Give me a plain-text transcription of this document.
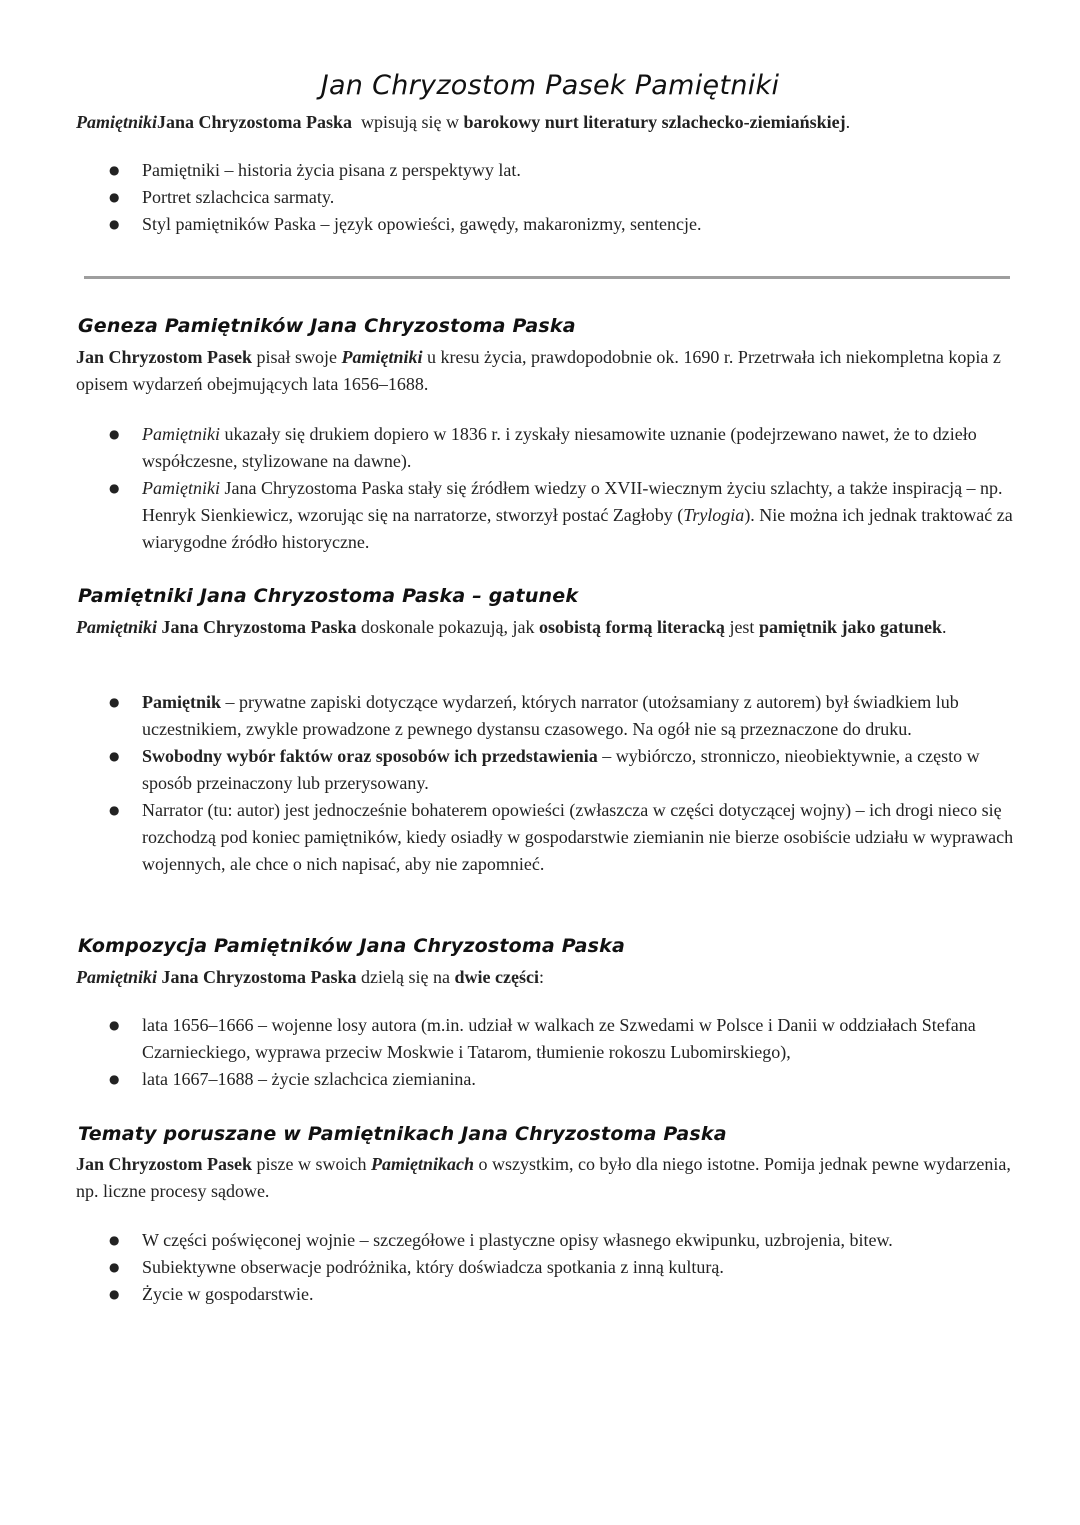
Jan Chryzostom Pasek Pamiętniki

PamiętnikiJana Chryzostoma Paska  wpisują się w barokowy nurt literatury szlachecko-ziemiańskiej.

● Pamiętniki – historia życia pisana z perspektywy lat.
● Portret szlachcica sarmaty.
● Styl pamiętników Paska – język opowieści, gawędy, makaronizmy, sentencje.
Geneza Pamiętników Jana Chryzostoma Paska

Jan Chryzostom Pasek pisał swoje Pamiętniki u kresu życia, prawdopodobnie ok. 1690 r. Przetrwała ich niekompletna kopia z opisem wydarzeń obejmujących lata 1656–1688.

● Pamiętniki ukazały się drukiem dopiero w 1836 r. i zyskały niesamowite uznanie (podejrzewano nawet, że to dzieło współczesne, stylizowane na dawne).
● Pamiętniki Jana Chryzostoma Paska stały się źródłem wiedzy o XVII-wiecznym życiu szlachty, a także inspiracją – np. Henryk Sienkiewicz, wzorując się na narratorze, stworzył postać Zagłoby (Trylogia). Nie można ich jednak traktować za wiarygodne źródło historyczne.
Pamiętniki Jana Chryzostoma Paska – gatunek

Pamiętniki Jana Chryzostoma Paska doskonale pokazują, jak osobistą formą literacką jest pamiętnik jako gatunek.

● Pamiętnik – prywatne zapiski dotyczące wydarzeń, których narrator (utożsamiany z autorem) był świadkiem lub uczestnikiem, zwykle prowadzone z pewnego dystansu czasowego. Na ogół nie są przeznaczone do druku.
● Swobodny wybór faktów oraz sposobów ich przedstawienia – wybiórczo, stronniczo, nieobiektywnie, a często w sposób przeinaczony lub przerysowany.
● Narrator (tu: autor) jest jednocześnie bohaterem opowieści (zwłaszcza w części dotyczącej wojny) – ich drogi nieco się rozchodzą pod koniec pamiętników, kiedy osiadły w gospodarstwie ziemianin nie bierze osobiście udziału w wyprawach wojennych, ale chce o nich napisać, aby nie zapomnieć.
Kompozycja Pamiętników Jana Chryzostoma Paska

Pamiętniki Jana Chryzostoma Paska dzielą się na dwie części:

● lata 1656–1666 – wojenne losy autora (m.in. udział w walkach ze Szwedami w Polsce i Danii w oddziałach Stefana Czarnieckiego, wyprawa przeciw Moskwie i Tatarom, tłumienie rokoszu Lubomirskiego),
● lata 1667–1688 – życie szlachcica ziemianina.
Tematy poruszane w Pamiętnikach Jana Chryzostoma Paska

Jan Chryzostom Pasek pisze w swoich Pamiętnikach o wszystkim, co było dla niego istotne. Pomija jednak pewne wydarzenia, np. liczne procesy sądowe.

● W części poświęconej wojnie – szczegółowe i plastyczne opisy własnego ekwipunku, uzbrojenia, bitew.
● Subiektywne obserwacje podróżnika, który doświadcza spotkania z inną kulturą.
● Życie w gospodarstwie.
